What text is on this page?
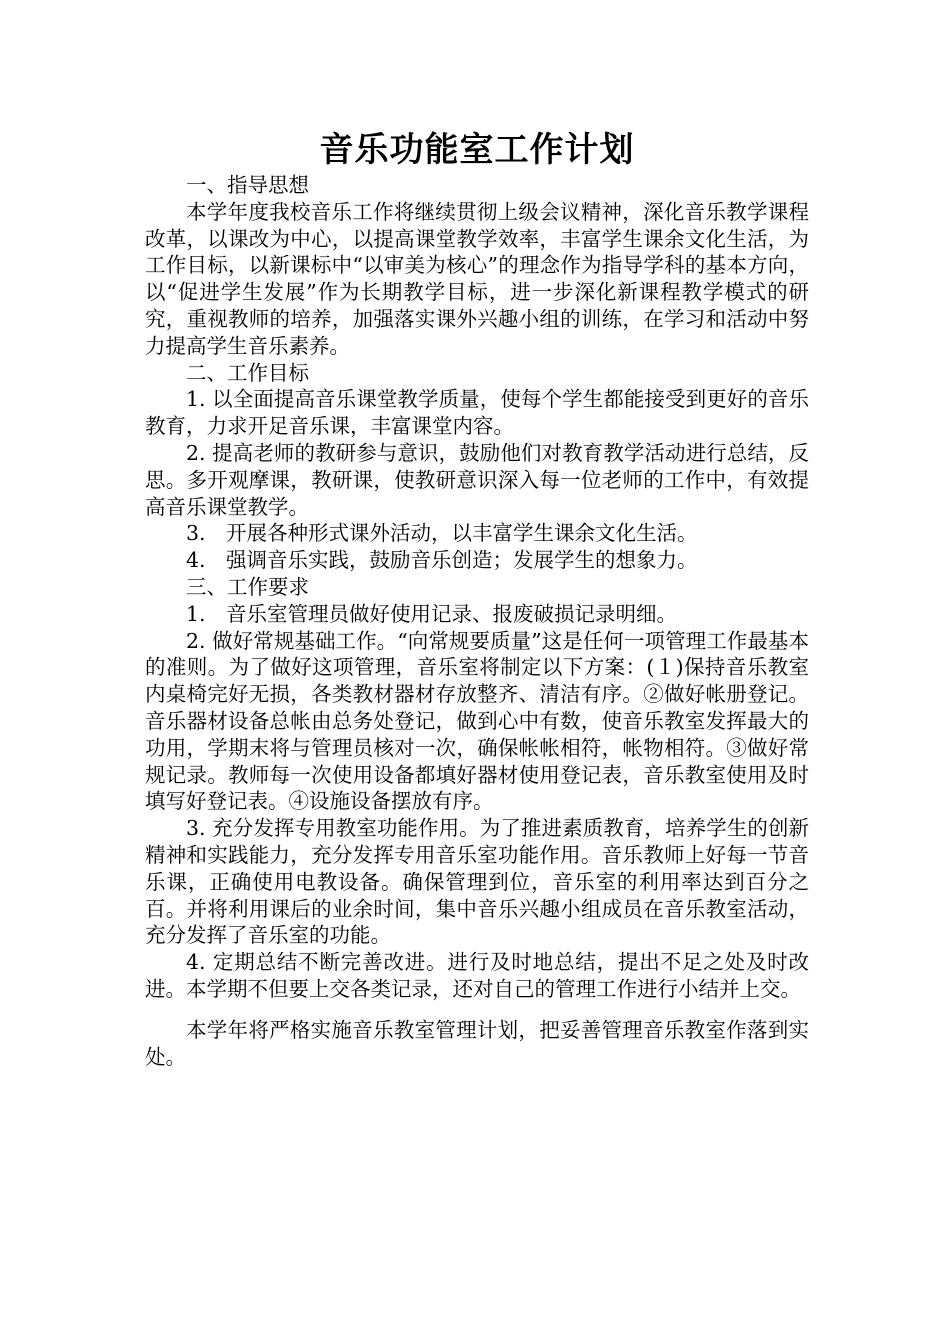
音乐功能室工作计划

一、指导思想

本学年度我校音乐工作将继续贯彻上级会议精神，深化音乐教学课程改革，以课改为中心，以提高课堂教学效率，丰富学生课余文化生活，为工作目标，以新课标中“以审美为核心”的理念作为指导学科的基本方向，以“促进学生发展”作为长期教学目标，进一步深化新课程教学模式的研究，重视教师的培养，加强落实课外兴趣小组的训练，在学习和活动中努力提高学生音乐素养。

二、工作目标

1. 以全面提高音乐课堂教学质量，使每个学生都能接受到更好的音乐教育，力求开足音乐课，丰富课堂内容。

2. 提高老师的教研参与意识，鼓励他们对教育教学活动进行总结，反思。多开观摩课，教研课，使教研意识深入每一位老师的工作中，有效提高音乐课堂教学。

3.　开展各种形式课外活动，以丰富学生课余文化生活。

4.　强调音乐实践，鼓励音乐创造；发展学生的想象力。

三、工作要求

1.　音乐室管理员做好使用记录、报废破损记录明细。

2. 做好常规基础工作。“向常规要质量”这是任何一项管理工作最基本的准则。为了做好这项管理，音乐室将制定以下方案：(１)保持音乐教室内桌椅完好无损，各类教材器材存放整齐、清洁有序。②做好帐册登记。音乐器材设备总帐由总务处登记，做到心中有数，使音乐教室发挥最大的功用，学期末将与管理员核对一次，确保帐帐相符，帐物相符。③做好常规记录。教师每一次使用设备都填好器材使用登记表，音乐教室使用及时填写好登记表。④设施设备摆放有序。

3. 充分发挥专用教室功能作用。为了推进素质教育，培养学生的创新精神和实践能力，充分发挥专用音乐室功能作用。音乐教师上好每一节音乐课，正确使用电教设备。确保管理到位，音乐室的利用率达到百分之百。并将利用课后的业余时间，集中音乐兴趣小组成员在音乐教室活动，充分发挥了音乐室的功能。

4. 定期总结不断完善改进。进行及时地总结，提出不足之处及时改进。本学期不但要上交各类记录，还对自己的管理工作进行小结并上交。

本学年将严格实施音乐教室管理计划，把妥善管理音乐教室作落到实处。
